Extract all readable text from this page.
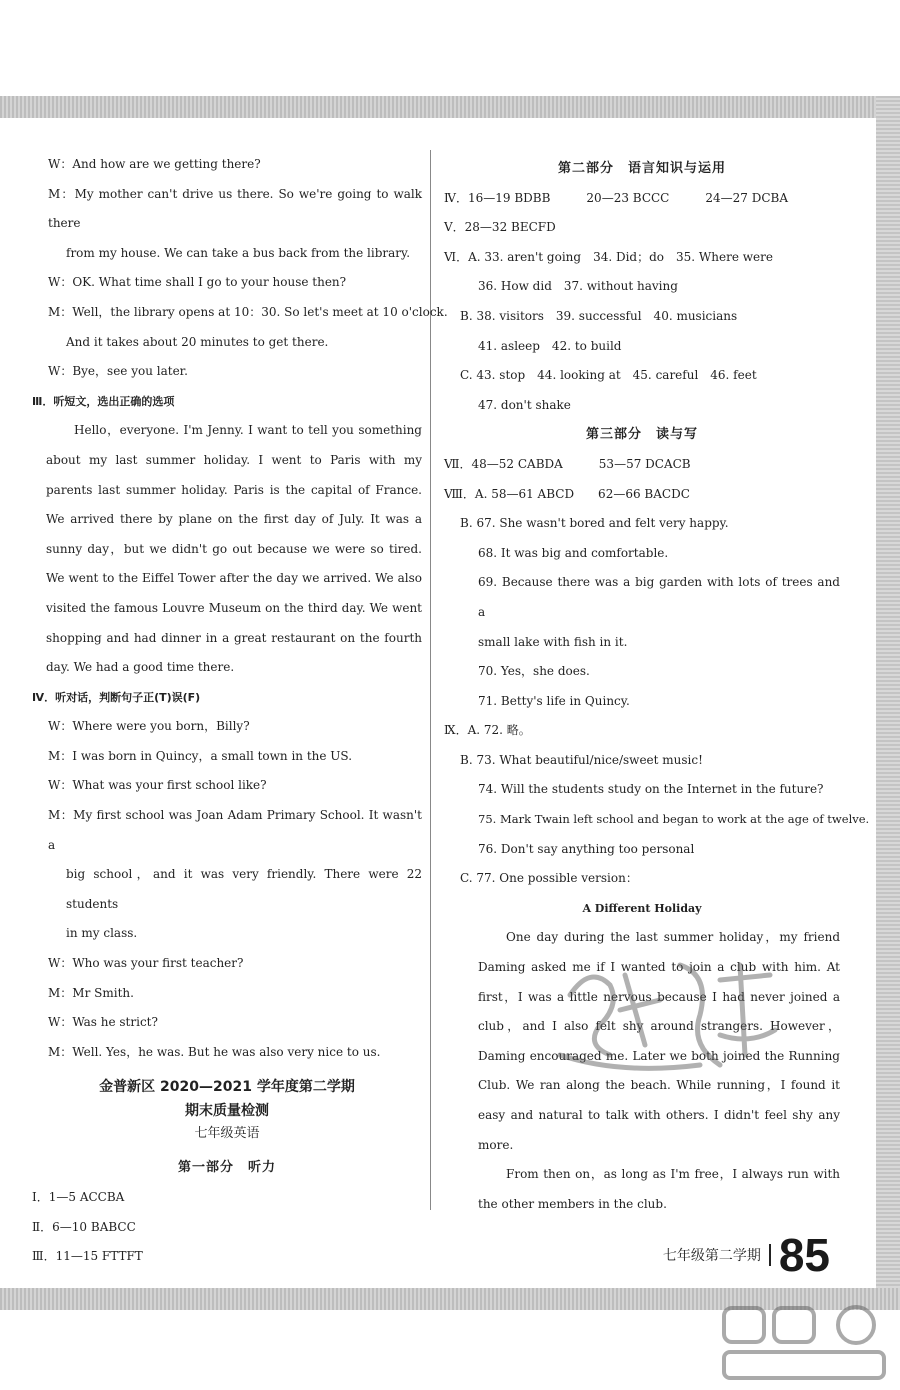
W：And how are we getting there?
M：My mother can't drive us there. So we're going to walk there
from my house. We can take a bus back from the library.
W：OK. What time shall I go to your house then?
M：Well，the library opens at 10：30. So let's meet at 10 o'clock.
And it takes about 20 minutes to get there.
W：Bye，see you later.
Ⅲ．听短文，选出正确的选项
Hello，everyone. I'm Jenny. I want to tell you something about my last summer holiday. I went to Paris with my parents last summer holiday. Paris is the capital of France. We arrived there by plane on the first day of July. It was a sunny day，but we didn't go out because we were so tired. We went to the Eiffel Tower after the day we arrived. We also visited the famous Louvre Museum on the third day. We went shopping and had dinner in a great restaurant on the fourth day. We had a good time there.
Ⅳ．听对话，判断句子正(T)误(F)
W：Where were you born，Billy?
M：I was born in Quincy，a small town in the US.
W：What was your first school like?
M：My first school was Joan Adam Primary School. It wasn't a
big school，and it was very friendly. There were 22 students
in my class.
W：Who was your first teacher?
M：Mr Smith.
W：Was he strict?
M：Well. Yes，he was. But he was also very nice to us.
金普新区 2020—2021 学年度第二学期
期末质量检测
七年级英语
第一部分　听力
Ⅰ．1—5 ACCBA
Ⅱ．6—10 BABCC
Ⅲ．11—15 FTTFT
第二部分　语言知识与运用
Ⅳ．16—19 BDBB　　　20—23 BCCC　　　24—27 DCBA
Ⅴ．28—32 BECFD
Ⅵ．A. 33. aren't going　34. Did；do　35. Where were
36. How did　37. without having
B. 38. visitors　39. successful　40. musicians
41. asleep　42. to build
C. 43. stop　44. looking at　45. careful　46. feet
47. don't shake
第三部分　读与写
Ⅶ．48—52 CABDA　　　53—57 DCACB
Ⅷ．A. 58—61 ABCD　　62—66 BACDC
B. 67. She wasn't bored and felt very happy.
68. It was big and comfortable.
69. Because there was a big garden with lots of trees and a
small lake with fish in it.
70. Yes，she does.
71. Betty's life in Quincy.
Ⅸ．A. 72. 略。
B. 73. What beautiful/nice/sweet music!
74. Will the students study on the Internet in the future?
75. Mark Twain left school and began to work at the age of twelve.
76. Don't say anything too personal
C. 77. One possible version：
A Different Holiday
One day during the last summer holiday，my friend Daming asked me if I wanted to join a club with him. At first，I was a little nervous because I had never joined a club，and I also felt shy around strangers. However，Daming encouraged me. Later we both joined the Running Club. We ran along the beach. While running，I found it easy and natural to talk with others. I didn't feel shy any more.
From then on，as long as I'm free，I always run with the other members in the club.
七年级第二学期 85
